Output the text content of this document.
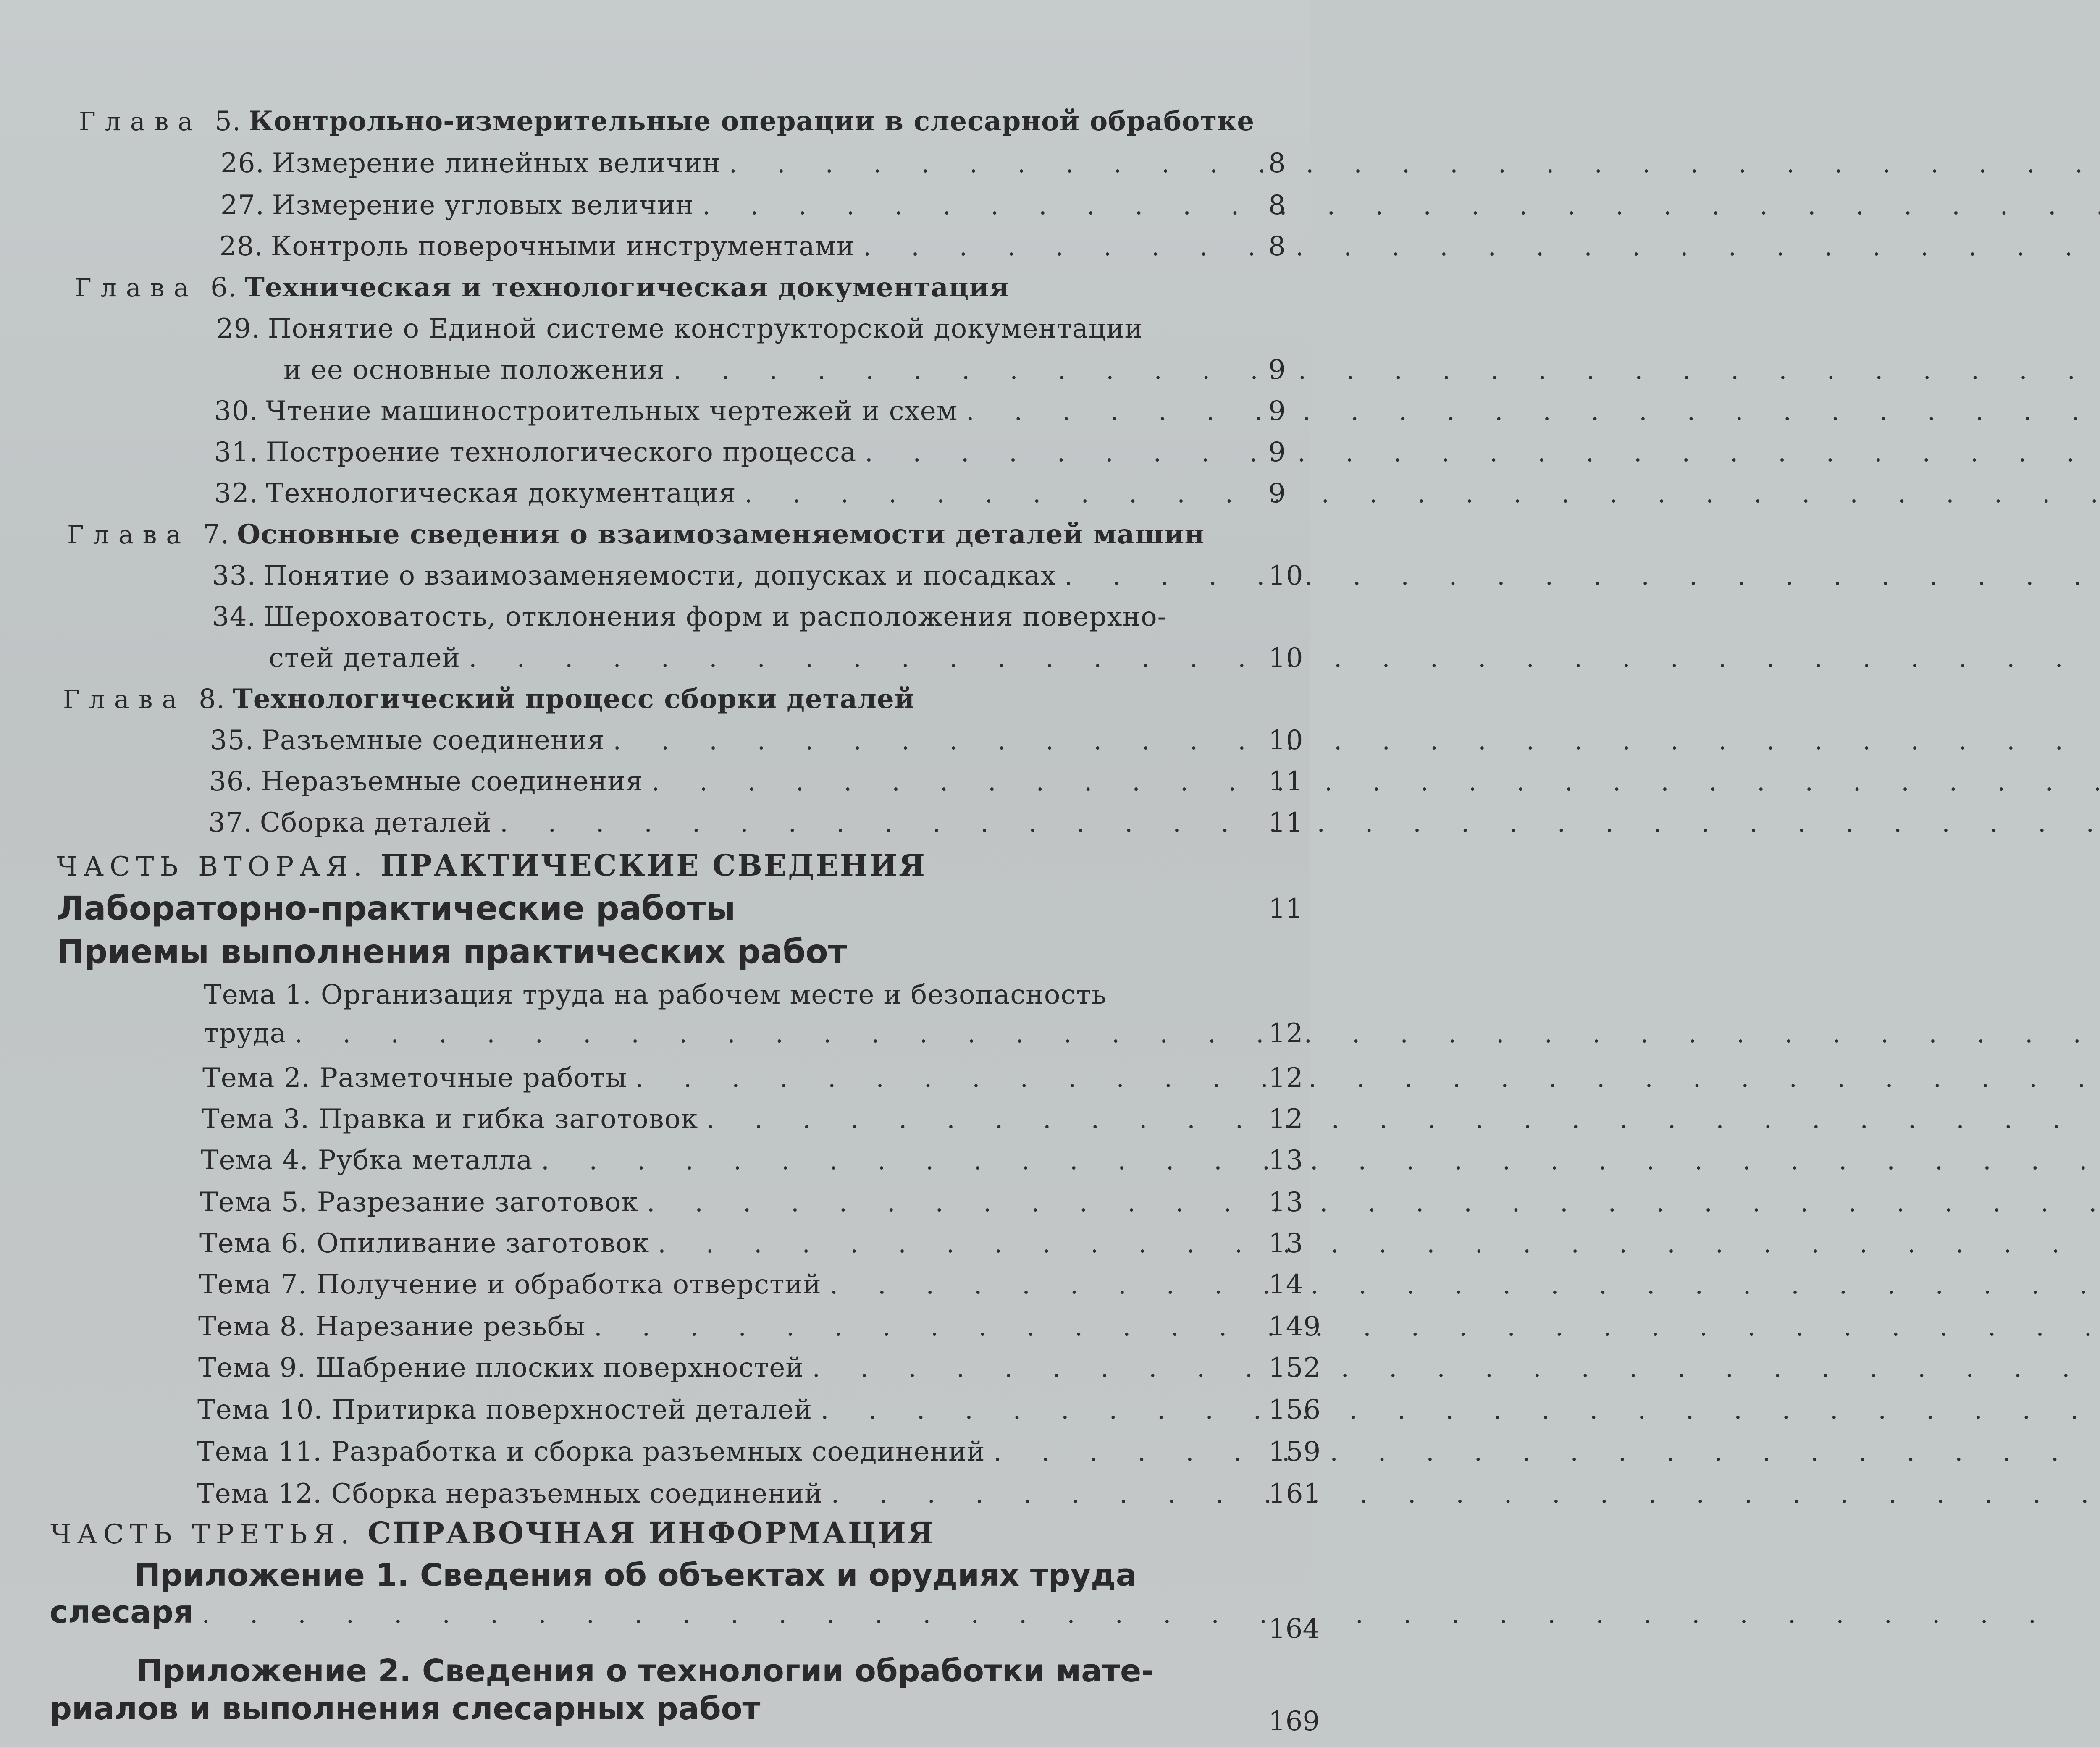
Глава 5. Контрольно-измерительные операции в слесарной обработке
26. Измерение линейных величин .	8
27. Измерение угловых величин .	8
28. Контроль поверочными инструментами .	8
Глава 6. Техническая и технологическая документация
29. Понятие о Единой системе конструкторской документации
и ее основные положения .	9
30. Чтение машиностроительных чертежей и схем .	9
31. Построение технологического процесса .	9
32. Технологическая документация .	9
Глава 7. Основные сведения о взаимозаменяемости деталей машин
33. Понятие о взаимозаменяемости, допусках и посадках .	10
34. Шероховатость, отклонения форм и расположения поверхно-
стей деталей .	10
Глава 8. Технологический процесс сборки деталей
35. Разъемные соединения .	10
36. Неразъемные соединения .	11
37. Сборка деталей .	11
ЧАСТЬ ВТОРАЯ. ПРАКТИЧЕСКИЕ СВЕДЕНИЯ
Лабораторно-практические работы	11
Приемы выполнения практических работ
Тема 1. Организация труда на рабочем месте и безопасность
труда .	12
Тема 2. Разметочные работы .	12
Тема 3. Правка и гибка заготовок .	12
Тема 4. Рубка металла .	13
Тема 5. Разрезание заготовок .	13
Тема 6. Опиливание заготовок .	13
Тема 7. Получение и обработка отверстий .	14
Тема 8. Нарезание резьбы .	149
Тема 9. Шабрение плоских поверхностей .	152
Тема 10. Притирка поверхностей деталей .	156
Тема 11. Разработка и сборка разъемных соединений .	159
Тема 12. Сборка неразъемных соединений .	161
ЧАСТЬ ТРЕТЬЯ. СПРАВОЧНАЯ ИНФОРМАЦИЯ
Приложение 1. Сведения об объектах и орудиях труда
слесаря .	164
Приложение 2. Сведения о технологии обработки мате-
риалов и выполнения слесарных работ	169
